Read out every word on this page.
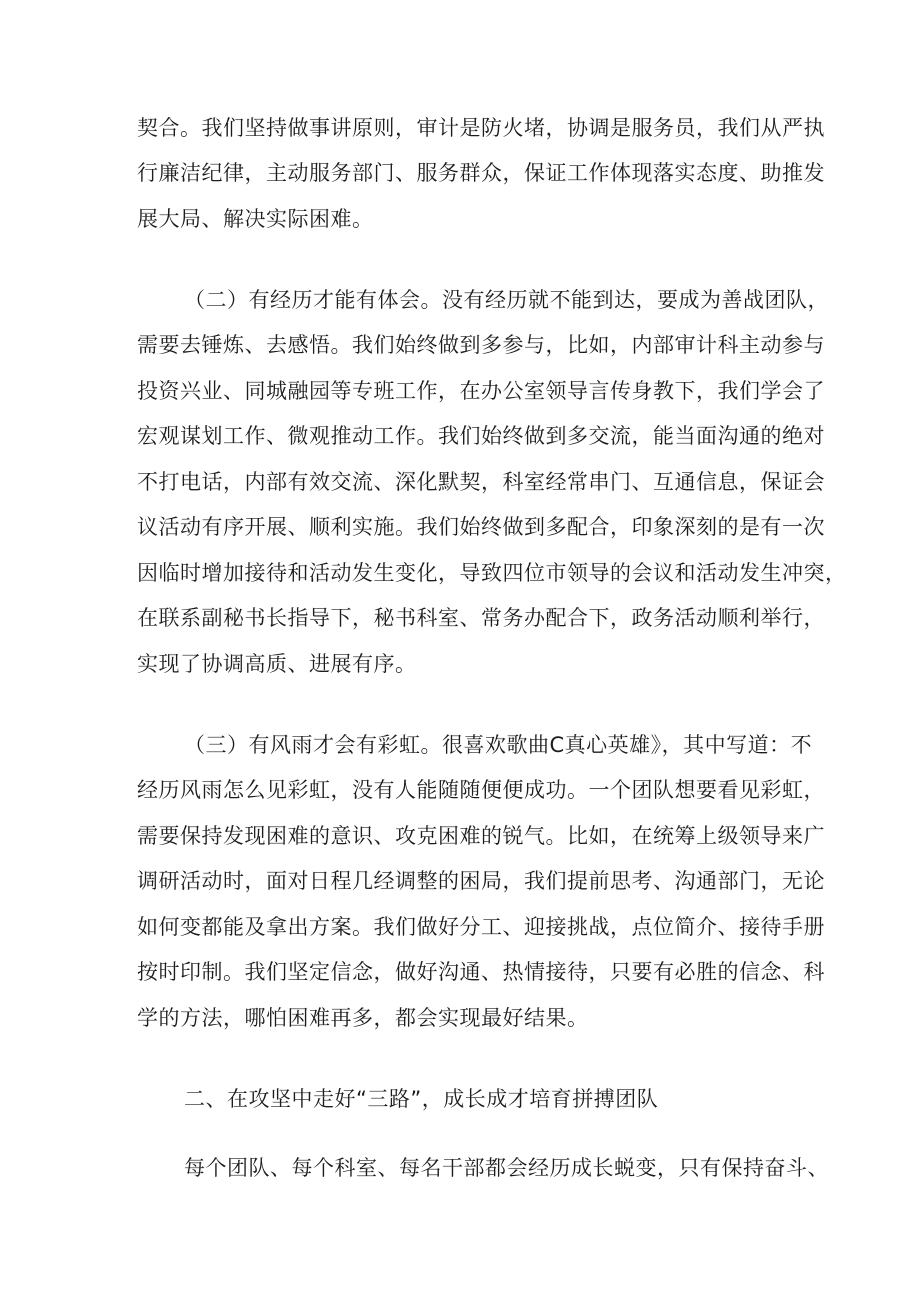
契合。我们坚持做事讲原则，审计是防火堵，协调是服务员，我们从严执
行廉洁纪律，主动服务部门、服务群众，保证工作体现落实态度、助推发
展大局、解决实际困难。
（二）有经历才能有体会。没有经历就不能到达，要成为善战团队，
需要去锤炼、去感悟。我们始终做到多参与，比如，内部审计科主动参与
投资兴业、同城融园等专班工作，在办公室领导言传身教下，我们学会了
宏观谋划工作、微观推动工作。我们始终做到多交流，能当面沟通的绝对
不打电话，内部有效交流、深化默契，科室经常串门、互通信息，保证会
议活动有序开展、顺利实施。我们始终做到多配合，印象深刻的是有一次
因临时增加接待和活动发生变化，导致四位市领导的会议和活动发生冲突，
在联系副秘书长指导下，秘书科室、常务办配合下，政务活动顺利举行，
实现了协调高质、进展有序。
（三）有风雨才会有彩虹。很喜欢歌曲C真心英雄》，其中写道：不
经历风雨怎么见彩虹，没有人能随随便便成功。一个团队想要看见彩虹，
需要保持发现困难的意识、攻克困难的锐气。比如，在统筹上级领导来广
调研活动时，面对日程几经调整的困局，我们提前思考、沟通部门，无论
如何变都能及拿出方案。我们做好分工、迎接挑战，点位简介、接待手册
按时印制。我们坚定信念，做好沟通、热情接待，只要有必胜的信念、科
学的方法，哪怕困难再多，都会实现最好结果。
二、在攻坚中走好“三路”，成长成才培育拼搏团队
每个团队、每个科室、每名干部都会经历成长蜕变，只有保持奋斗、
